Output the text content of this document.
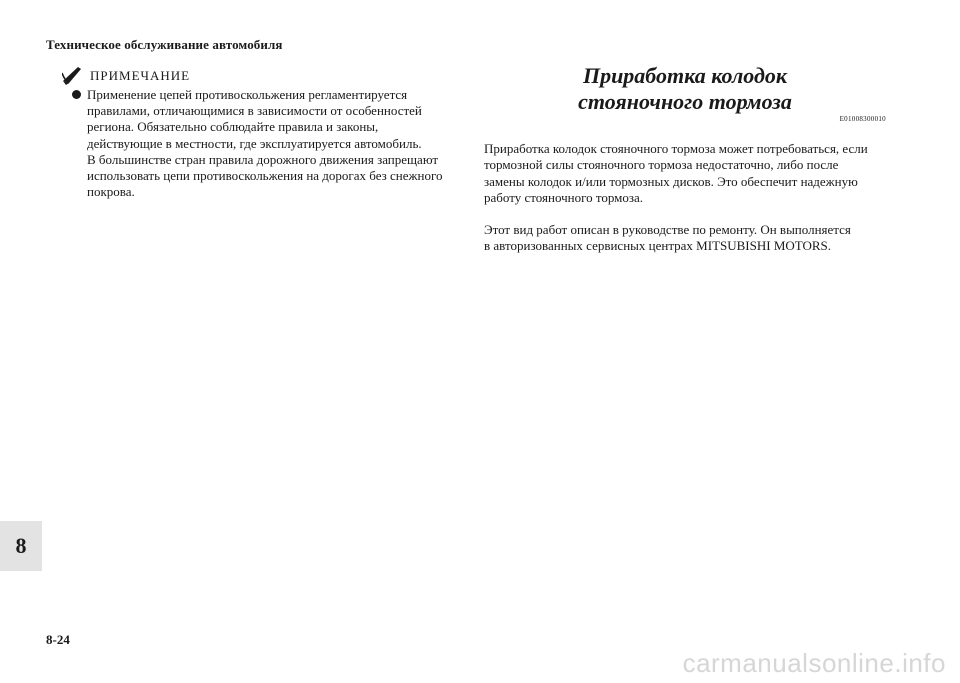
Техническое обслуживание автомобиля
ПРИМЕЧАНИЕ
Применение цепей противоскольжения регламентируется
правилами, отличающимися в зависимости от особенностей
региона. Обязательно соблюдайте правила и законы,
действующие в местности, где эксплуатируется автомобиль.
В большинстве стран правила дорожного движения запрещают
использовать цепи противоскольжения на дорогах без снежного
покрова.
Приработка колодок
стояночного тормоза
E01008300010

Приработка колодок стояночного тормоза может потребоваться, если
тормозной силы стояночного тормоза недостаточно, либо после
замены колодок и/или тормозных дисков. Это обеспечит надежную
работу стояночного тормоза.

Этот вид работ описан в руководстве по ремонту. Он выполняется
в авторизованных сервисных центрах MITSUBISHI MOTORS.

8
8-24
carmanualsonline.info
